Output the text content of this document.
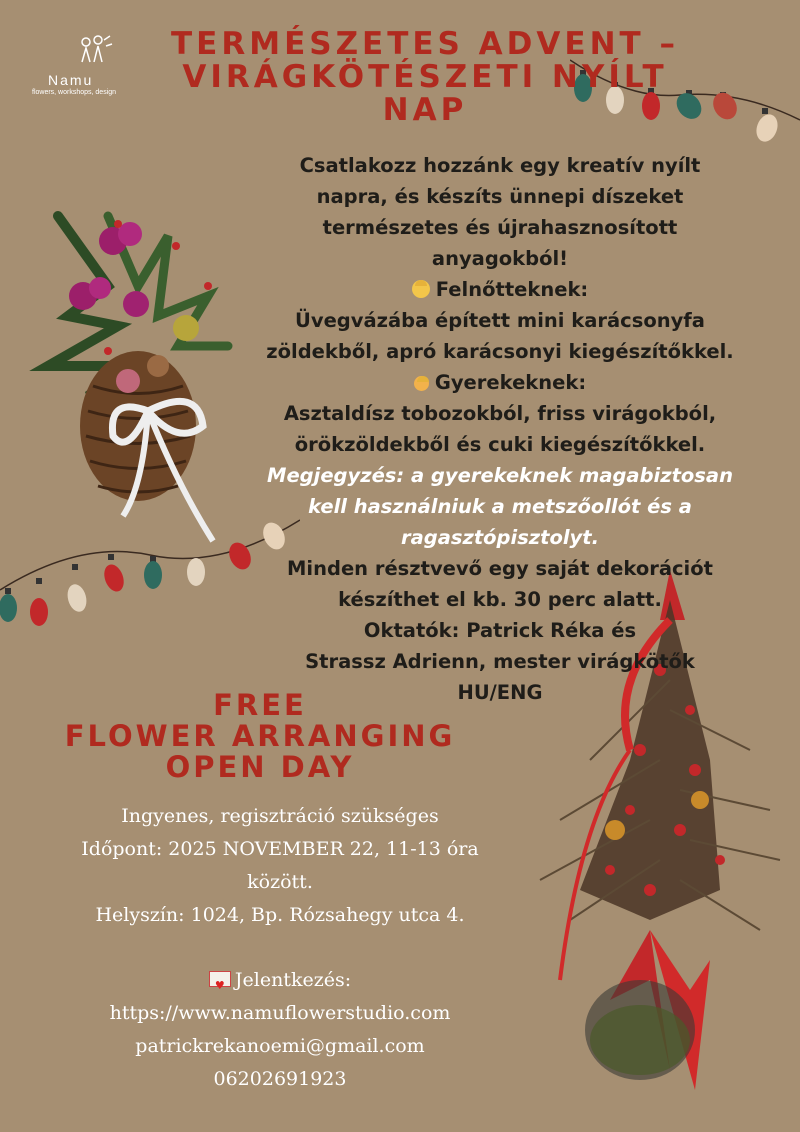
Namu
flowers, workshops, design
TERMÉSZETES ADVENT –
VIRÁGKÖTÉSZETI NYÍLT
NAP
Csatlakozz hozzánk egy kreatív nyílt
napra, és készíts ünnepi díszeket
természetes és újrahasznosított
anyagokból!
Felnőtteknek:
Üvegvázába épített mini karácsonyfa
zöldekből, apró karácsonyi kiegészítőkkel.
Gyerekeknek:
Asztaldísz tobozokból, friss virágokból,
örökzöldekből és cuki kiegészítőkkel.
Megjegyzés: a gyerekeknek magabiztosan
kell használniuk a metszőollót és a
ragasztópisztolyt.
Minden résztvevő egy saját dekorációt
készíthet el kb. 30 perc alatt.
Oktatók: Patrick Réka és
Strassz Adrienn, mester virágkötők
HU/ENG
FREE
FLOWER ARRANGING
OPEN DAY
Ingyenes, regisztráció szükséges
Időpont: 2025 NOVEMBER 22, 11-13 óra
között.
Helyszín: 1024, Bp. Rózsahegy utca 4.
♥Jelentkezés:
https://www.namuflowerstudio.com
patrickrekanoemi@gmail.com
06202691923
